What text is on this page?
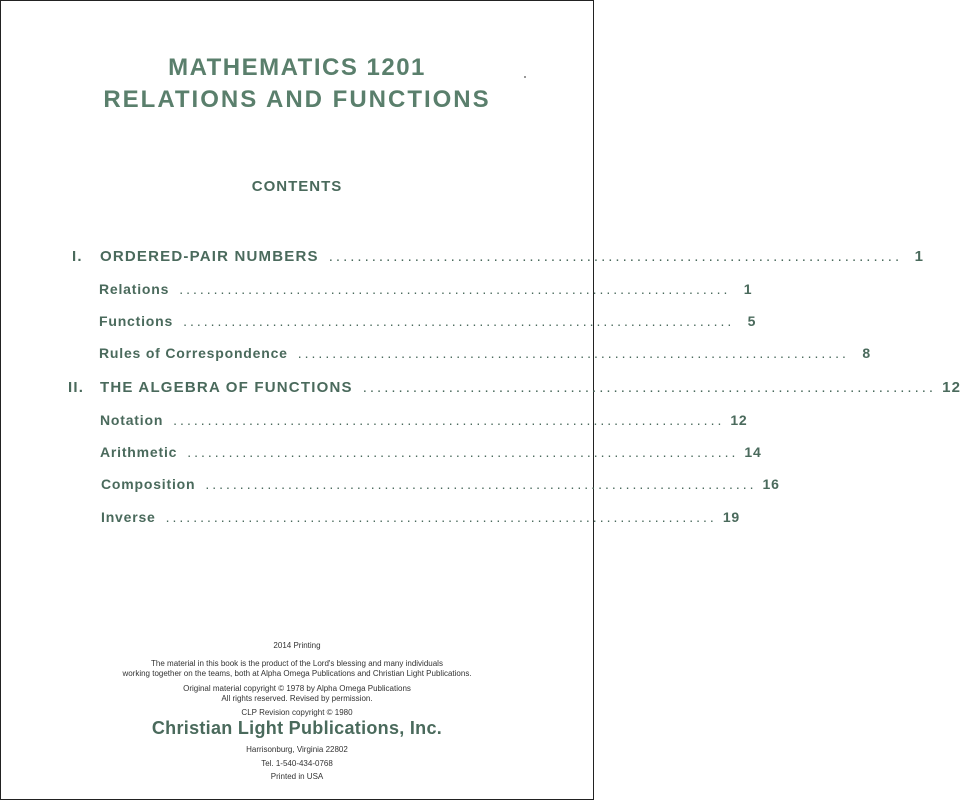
MATHEMATICS 1201
RELATIONS AND FUNCTIONS
CONTENTS
I.	ORDERED-PAIR NUMBERS ................................................................................ 1
Relations ................................................................................ 1
Functions ................................................................................ 5
Rules of Correspondence ................................................................................ 8
II.	THE ALGEBRA OF FUNCTIONS ................................................................................ 12
Notation ................................................................................ 12
Arithmetic ................................................................................ 14
Composition ................................................................................ 16
Inverse ................................................................................ 19
2014 Printing
The material in this book is the product of the Lord's blessing and many individuals
working together on the teams, both at Alpha Omega Publications and Christian Light Publications.
Original material copyright © 1978 by Alpha Omega Publications
All rights reserved. Revised by permission.
CLP Revision copyright © 1980
Christian Light Publications, Inc.
Harrisonburg, Virginia 22802
Tel. 1-540-434-0768
Printed in USA
